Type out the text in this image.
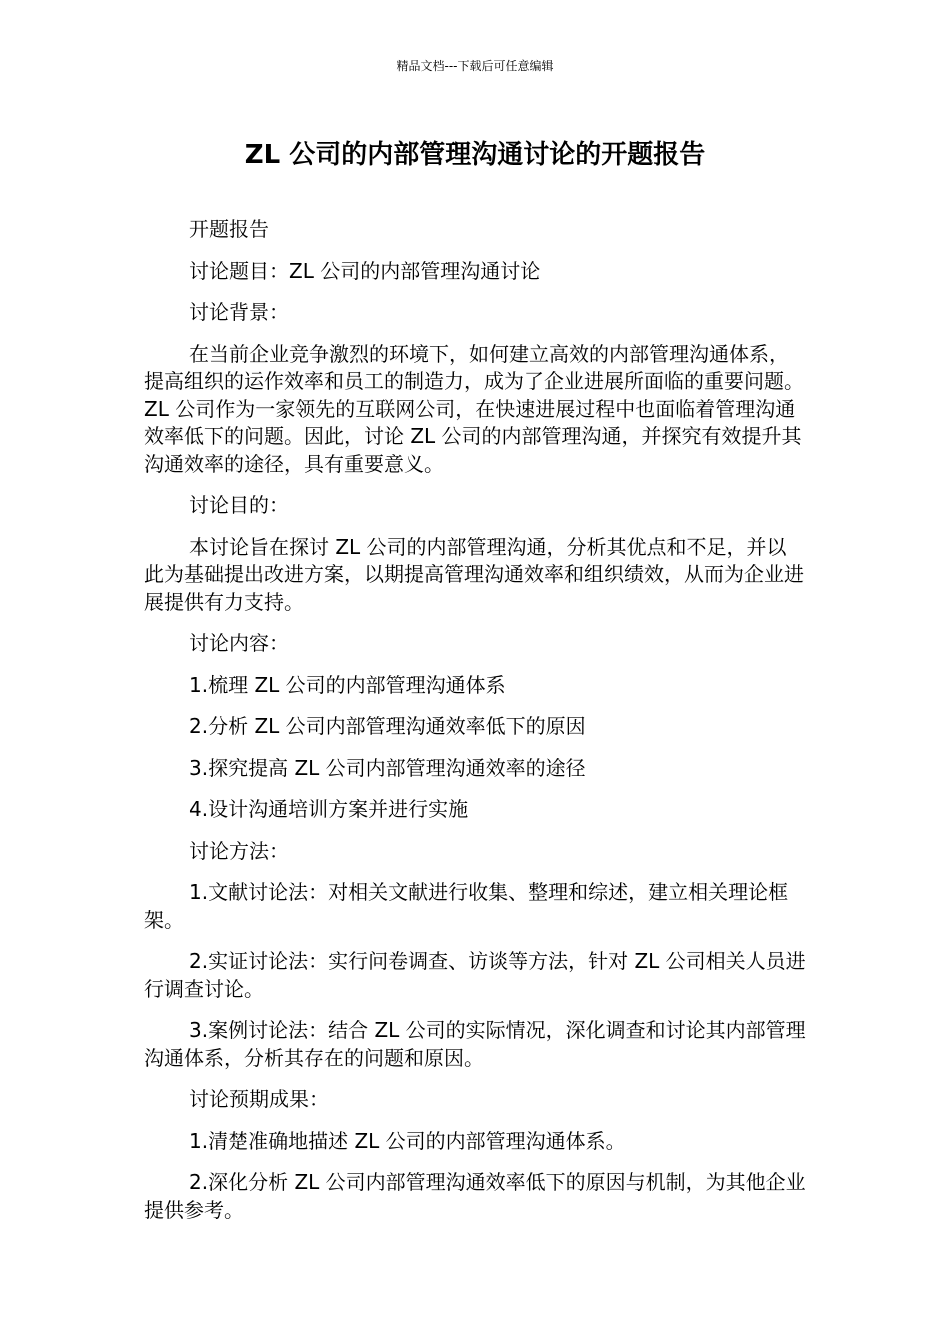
精品文档---下载后可任意编辑
ZL 公司的内部管理沟通讨论的开题报告

开题报告

讨论题目：ZL 公司的内部管理沟通讨论

讨论背景：

在当前企业竞争激烈的环境下，如何建立高效的内部管理沟通体系，提高组织的运作效率和员工的制造力，成为了企业进展所面临的重要问题。ZL 公司作为一家领先的互联网公司，在快速进展过程中也面临着管理沟通效率低下的问题。因此，讨论 ZL 公司的内部管理沟通，并探究有效提升其沟通效率的途径，具有重要意义。

讨论目的：

本讨论旨在探讨 ZL 公司的内部管理沟通，分析其优点和不足，并以此为基础提出改进方案，以期提高管理沟通效率和组织绩效，从而为企业进展提供有力支持。

讨论内容：

1.梳理 ZL 公司的内部管理沟通体系

2.分析 ZL 公司内部管理沟通效率低下的原因

3.探究提高 ZL 公司内部管理沟通效率的途径

4.设计沟通培训方案并进行实施

讨论方法：

1.文献讨论法：对相关文献进行收集、整理和综述，建立相关理论框架。

2.实证讨论法：实行问卷调查、访谈等方法，针对 ZL 公司相关人员进行调查讨论。

3.案例讨论法：结合 ZL 公司的实际情况，深化调查和讨论其内部管理沟通体系，分析其存在的问题和原因。

讨论预期成果：

1.清楚准确地描述 ZL 公司的内部管理沟通体系。

2.深化分析 ZL 公司内部管理沟通效率低下的原因与机制，为其他企业提供参考。
